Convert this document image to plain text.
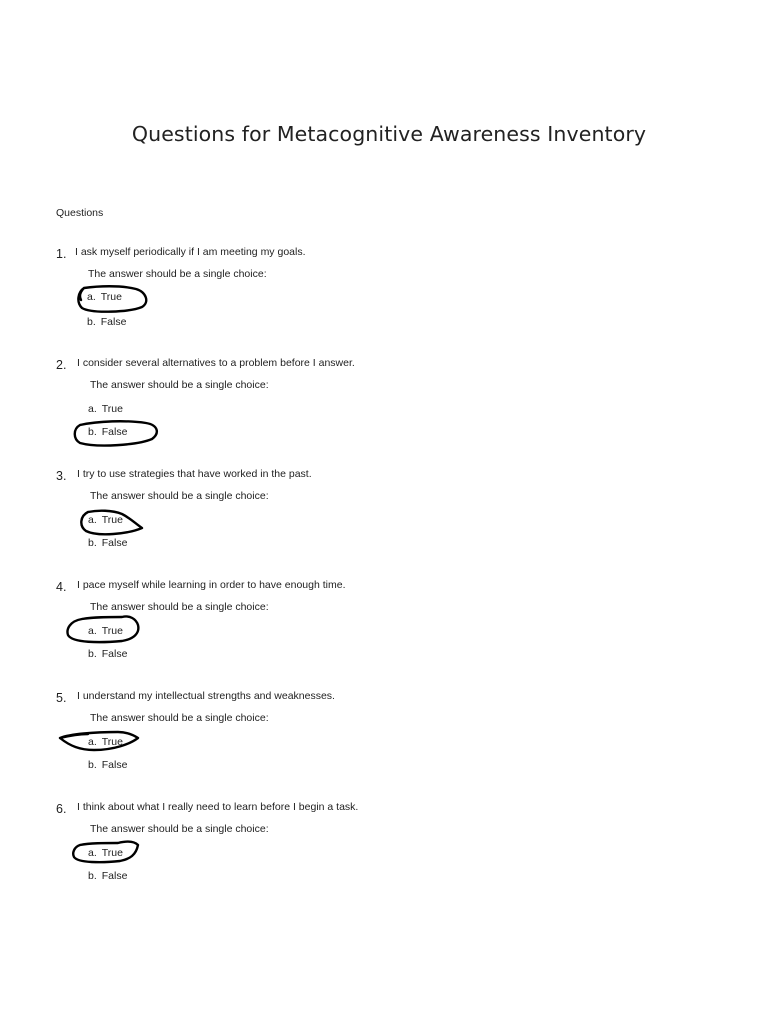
Questions for Metacognitive Awareness Inventory
Questions
1. I ask myself periodically if I am meeting my goals.
The answer should be a single choice:
a. True
b. False
2. I consider several alternatives to a problem before I answer.
The answer should be a single choice:
a. True
b. False
3. I try to use strategies that have worked in the past.
The answer should be a single choice:
a. True
b. False
4. I pace myself while learning in order to have enough time.
The answer should be a single choice:
a. True
b. False
5. I understand my intellectual strengths and weaknesses.
The answer should be a single choice:
a. True
b. False
6. I think about what I really need to learn before I begin a task.
The answer should be a single choice:
a. True
b. False
